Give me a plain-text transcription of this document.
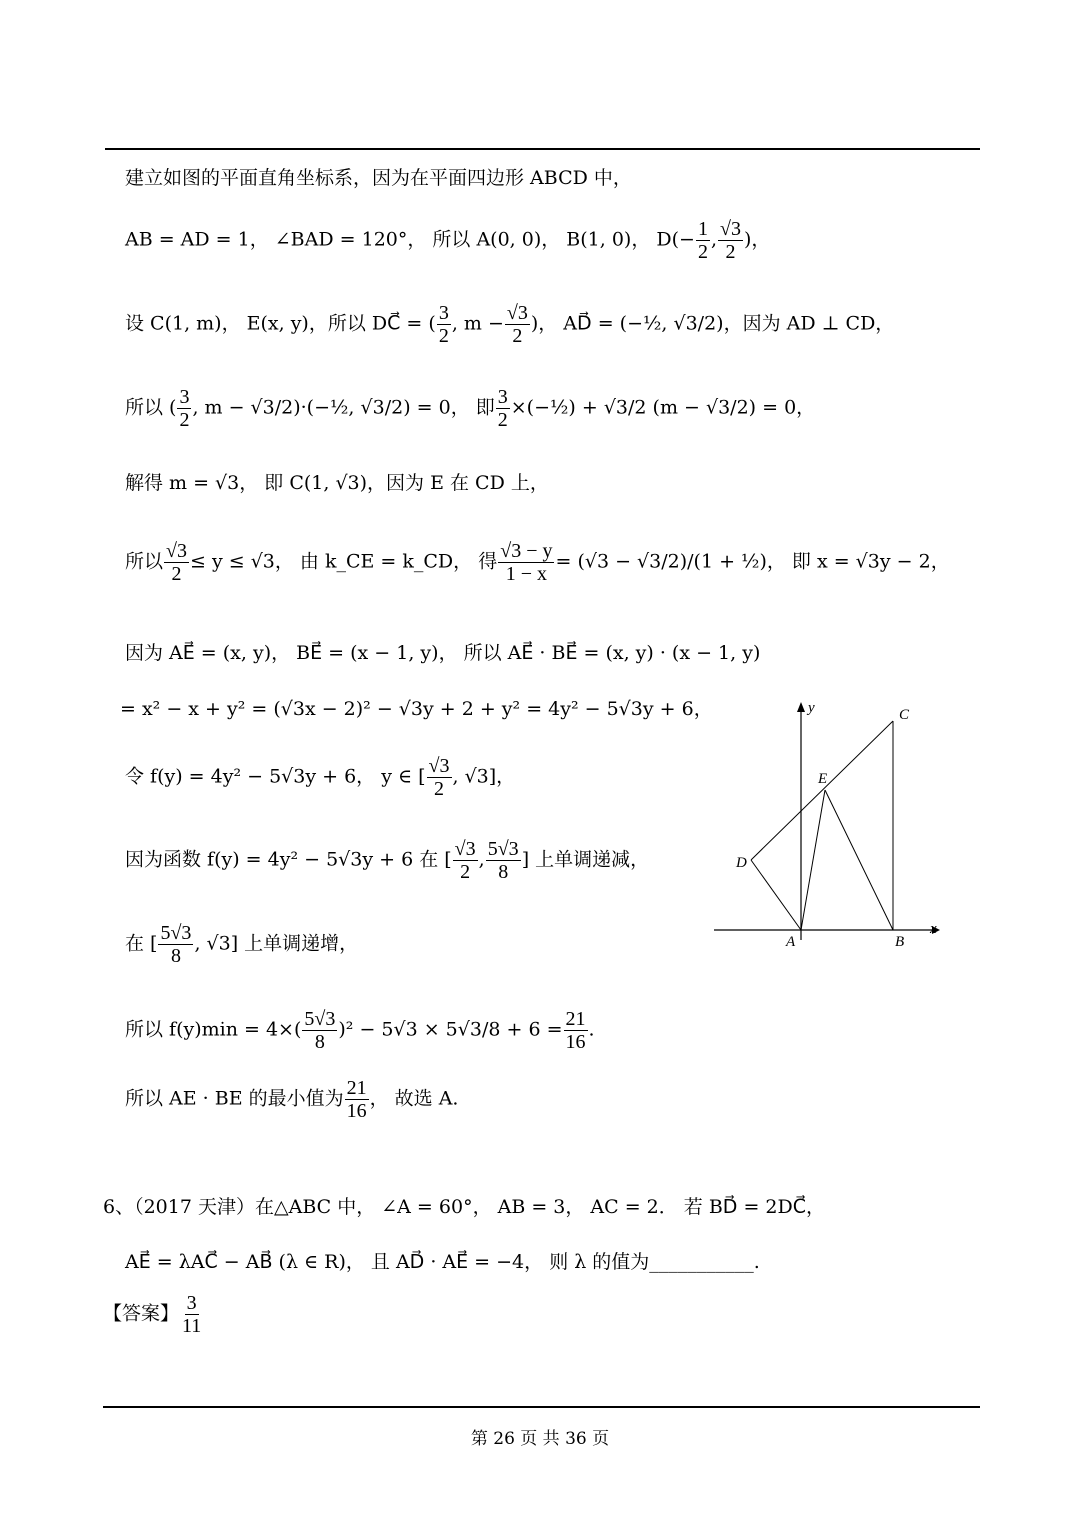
建立如图的平面直角坐标系，因为在平面四边形 ABCD 中，
AB = AD = 1， ∠BAD = 120°， 所以 A(0, 0)， B(1, 0)， $D(- \frac{1}{2}$ , $\frac{√3}{2}$ )，
设 C(1, m)， E(x, y)，所以 DC⃗ = ( $\frac{3}{2}$ , $m - \frac{√3}{2}$ )， AD⃗ = (−½, √3/2)，因为 AD ⊥ CD，
所以 ( $\frac{3}{2}$ , m − √3/2)·(−½, √3/2) = 0， 即 $\frac{3}{2}$ ×(−½) + √3/2 (m − √3/2) = 0，
解得 m = √3， 即 C(1, √3)，因为 E 在 CD 上，
所以 $\frac{√3}{2} \le y \le √3$， 由 k_CE = k_CD， 得 $\frac{√3 - y}{1 - x} = (√3 - √3/2)/(1$ + ½)， 即 x = √3y − 2，
因为 AE⃗ = (x, y)， BE⃗ = (x − 1, y)， 所以 AE⃗ · BE⃗ = (x, y) · (x − 1, y)
= x² − x + y² = (√3x − 2)² − √3y + 2 + y² = 4y² − 5√3y + 6，
令 f(y) = 4y² − 5√3y + 6， y ∈ [ $\frac{√3}{2}$ , √3]，
因为函数 f(y) = 4y² − 5√3y + 6 在 [ $\frac{√3}{2}$ , $\frac{5√3}{8}$ ] 上单调递减，
在 [ $\frac{5√3}{8}$ , √3] 上单调递增，
所以 $f(y)\min = 4\times( \frac{5√3}{8} )^2 - 5√3 \times 5√3/8 + 6 = \frac{21}{16}$ .
所以 AE · BE 的最小值为 $\frac{21}{16}$ ， 故选 A.
6、（2017 天津）在△ABC 中， ∠A = 60°， AB = 3， AC = 2． 若 BD⃗ = 2DC⃗，
AE⃗ = λAC⃗ − AB⃗ (λ ∈ R)， 且 AD⃗ · AE⃗ = −4， 则 λ 的值为___________.
【答案】 $\frac{3}{11}$
y
x
C
E
D
A	B
第 26 页 共 36 页
